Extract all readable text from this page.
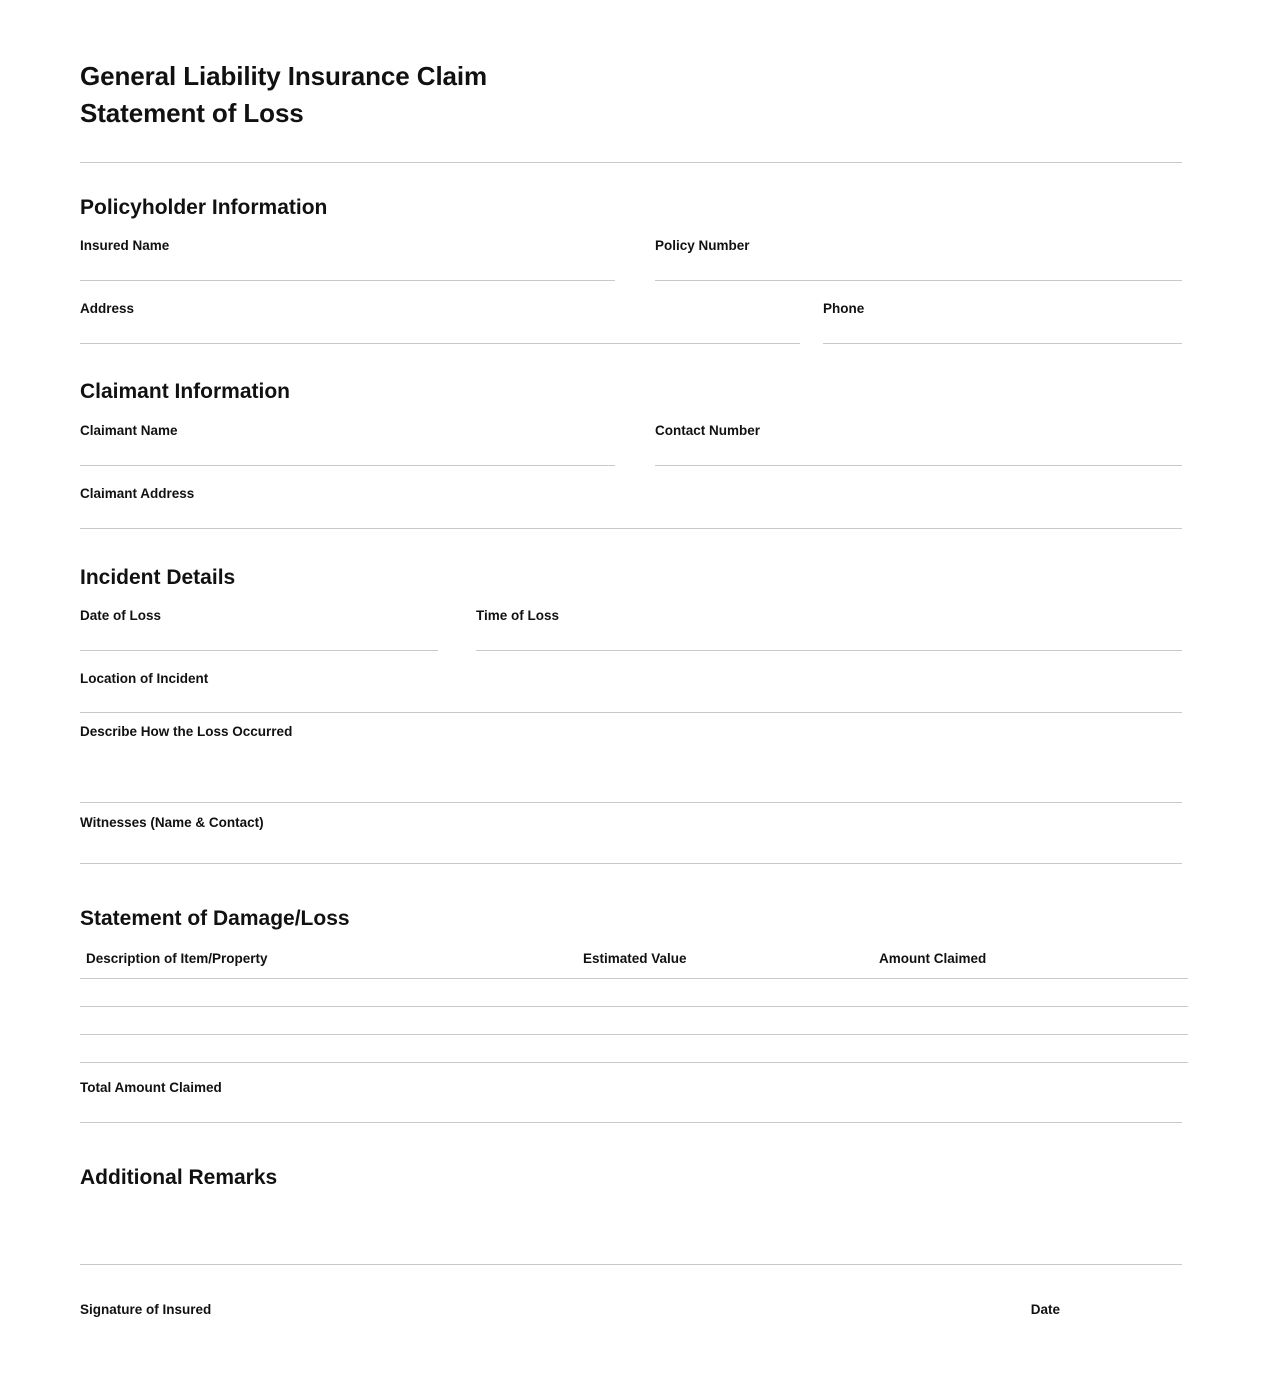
General Liability Insurance Claim
Statement of Loss
Policyholder Information
Insured Name	Policy Number
Address	Phone
Claimant Information
Claimant Name	Contact Number
Claimant Address
Incident Details
Date of Loss	Time of Loss
Location of Incident
Describe How the Loss Occurred
Witnesses (Name & Contact)
Statement of Damage/Loss
Description of Item/Property	Estimated Value	Amount Claimed

Total Amount Claimed
Additional Remarks
Signature of Insured	Date
